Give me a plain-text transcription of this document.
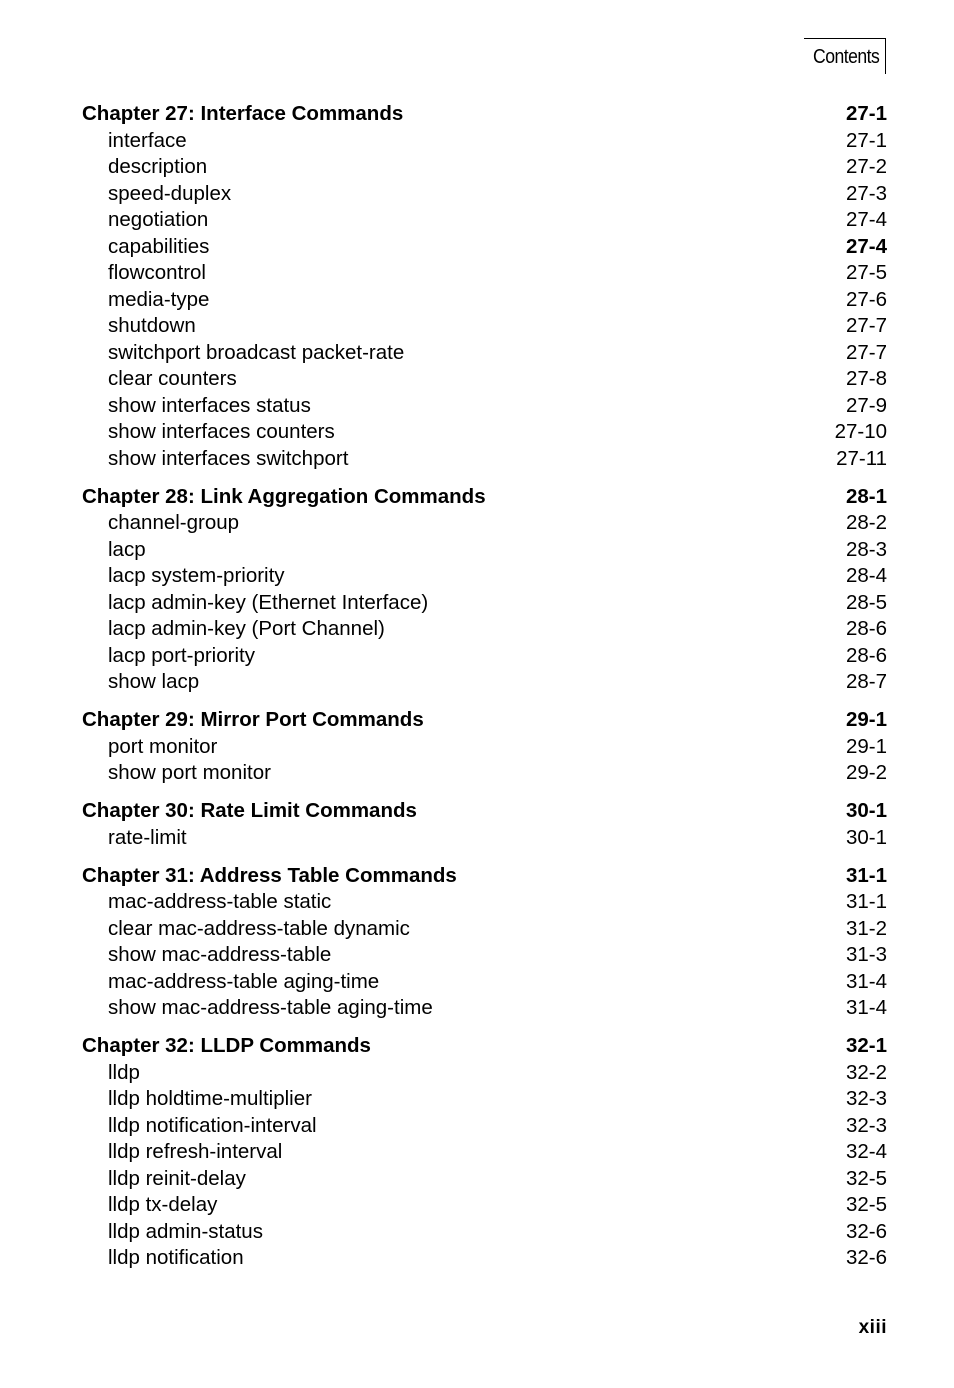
Contents
Chapter 27: Interface Commands	27-1
interface	27-1
description	27-2
speed-duplex	27-3
negotiation	27-4
capabilities	27-4
flowcontrol	27-5
media-type	27-6
shutdown	27-7
switchport broadcast packet-rate	27-7
clear counters	27-8
show interfaces status	27-9
show interfaces counters	27-10
show interfaces switchport	27-11
Chapter 28: Link Aggregation Commands	28-1
channel-group	28-2
lacp	28-3
lacp system-priority	28-4
lacp admin-key (Ethernet Interface)	28-5
lacp admin-key (Port Channel)	28-6
lacp port-priority	28-6
show lacp	28-7
Chapter 29: Mirror Port Commands	29-1
port monitor	29-1
show port monitor	29-2
Chapter 30: Rate Limit Commands	30-1
rate-limit	30-1
Chapter 31: Address Table Commands	31-1
mac-address-table static	31-1
clear mac-address-table dynamic	31-2
show mac-address-table	31-3
mac-address-table aging-time	31-4
show mac-address-table aging-time	31-4
Chapter 32: LLDP Commands	32-1
lldp	32-2
lldp holdtime-multiplier	32-3
lldp notification-interval	32-3
lldp refresh-interval	32-4
lldp reinit-delay	32-5
lldp tx-delay	32-5
lldp admin-status	32-6
lldp notification	32-6
xiii
